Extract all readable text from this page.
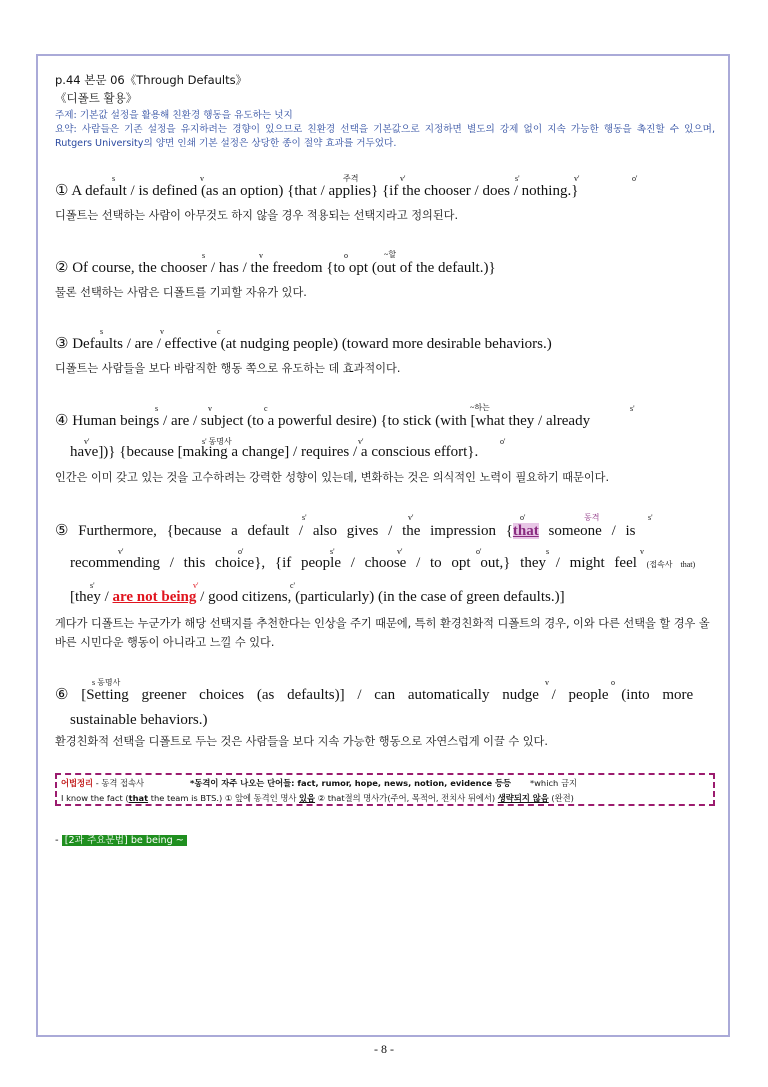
p.44 본문 06《Through Defaults》
《디폴트 활용》
주제: 기본값 설정을 활용해 친환경 행동을 유도하는 넛지
요약: 사람들은 기존 설정을 유지하려는 경향이 있으므로 친환경 선택을 기본값으로 지정하면 별도의 강제 없이 지속 가능한 행동을 촉진할 수 있으며, Rutgers University의 양면 인쇄 기본 설정은 상당한 종이 절약 효과를 거두었다.
① A default / is defined (as an option) {that / applies} {if the chooser / does / nothing.}
s	v	주격	v'	s'	v'	o'
디폴트는 선택하는 사람이 아무것도 하지 않을 경우 적용되는 선택지라고 정의된다.
② Of course, the chooser / has / the freedom {to opt (out of the default.)}
s	v	o	~할
물론 선택하는 사람은 디폴트를 기피할 자유가 있다.
③ Defaults / are / effective (at nudging people) (toward more desirable behaviors.)
s	v	c
디폴트는 사람들을 보다 바람직한 행동 쪽으로 유도하는 데 효과적이다.
④ Human beings / are / subject (to a powerful desire) {to stick (with [what they / already
have])} {because [making a change] / requires / a conscious effort}.
s	v	c	~하는	s'
v'	s' 동명사	v'	o'
인간은 이미 갖고 있는 것을 고수하려는 강력한 성향이 있는데, 변화하는 것은 의식적인 노력이 필요하기 때문이다.
⑤ Furthermore, {because a default / also gives / the impression {that someone / is
recommending / this choice}, {if people / choose / to opt out,} they / might feel (접속사 that)
[they / are not being / good citizens, (particularly) (in the case of green defaults.)]
s'	v'	o'	동격	s'
v'	o'	s'	v'	o'	s	v
s'	v'	c'
게다가 디폴트는 누군가가 해당 선택지를 추천한다는 인상을 주기 때문에, 특히 환경친화적 디폴트의 경우, 이와 다른 선택을 할 경우 올바른 시민다운 행동이 아니라고 느낄 수 있다.
⑥ [Setting greener choices (as defaults)] / can automatically nudge / people (into more
sustainable behaviors.)
s 동명사	v	o
환경친화적 선택을 디폴트로 두는 것은 사람들을 보다 지속 가능한 행동으로 자연스럽게 이끌 수 있다.
어법정리 - 동격 접속사	*동격이 자주 나오는 단어들: fact, rumor, hope, news, notion, evidence 등등 *which 금지
I know the fact (that the team is BTS.) ① 앞에 동격인 명사 있음 ② that절의 명사가(주어, 목적어, 전치사 뒤에서) 생략되지 않음 (완전)
- [2과 주요문법] be being ~
- 8 -
